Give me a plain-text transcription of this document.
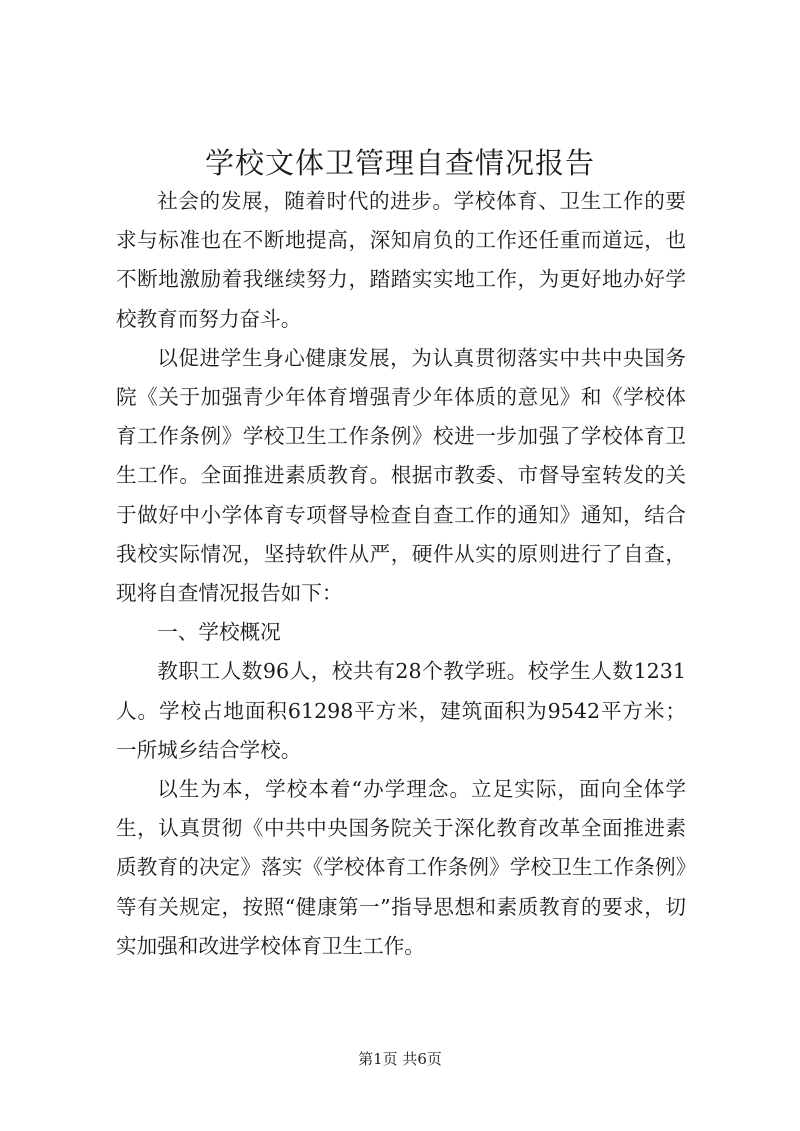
学校文体卫管理自查情况报告

社会的发展，随着时代的进步。学校体育、卫生工作的要求与标准也在不断地提高，深知肩负的工作还任重而道远，也不断地激励着我继续努力，踏踏实实地工作，为更好地办好学校教育而努力奋斗。

以促进学生身心健康发展，为认真贯彻落实中共中央国务院《关于加强青少年体育增强青少年体质的意见》和《学校体育工作条例》学校卫生工作条例》校进一步加强了学校体育卫生工作。全面推进素质教育。根据市教委、市督导室转发的关于做好中小学体育专项督导检查自查工作的通知》通知，结合我校实际情况，坚持软件从严，硬件从实的原则进行了自查，现将自查情况报告如下：

一、学校概况

教职工人数96人，校共有28个教学班。校学生人数1231人。学校占地面积61298平方米，建筑面积为9542平方米；一所城乡结合学校。

以生为本，学校本着“办学理念。立足实际，面向全体学生，认真贯彻《中共中央国务院关于深化教育改革全面推进素质教育的决定》落实《学校体育工作条例》学校卫生工作条例》等有关规定，按照“健康第一”指导思想和素质教育的要求，切实加强和改进学校体育卫生工作。

第1页 共6页
